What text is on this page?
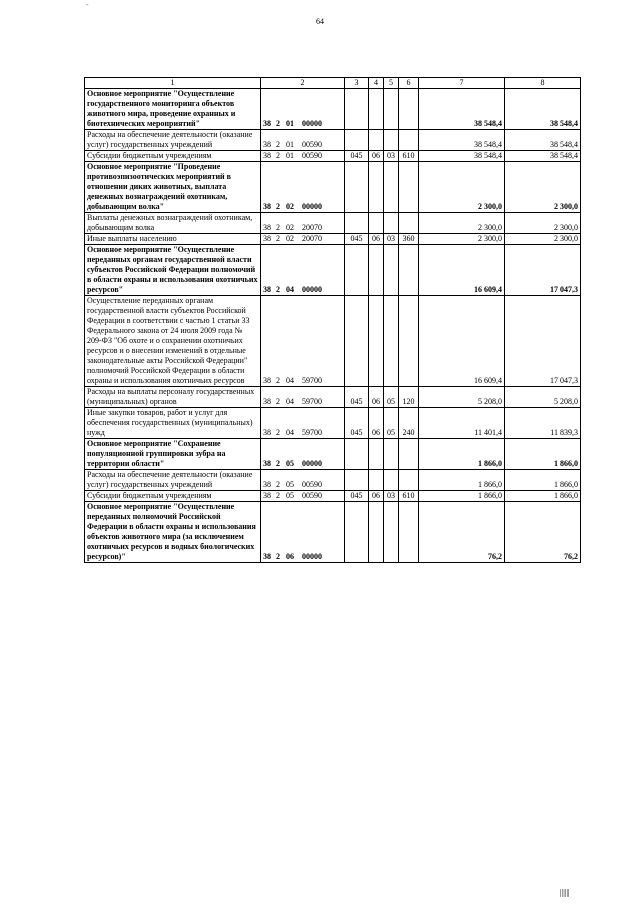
-
64
1	2	3	4	5	6	7	8
Основное мероприятие "Осуществление государственного мониторинга объектов животного мира, проведение охранных и биотехнических мероприятий"	38 2 01 00000					38 548,4	38 548,4
Расходы на обеспечение деятельности (оказание услуг) государственных учреждений	38 2 01 00590					38 548,4	38 548,4
Субсидии бюджетным учреждениям	38 2 01 00590	045	06	03	610	38 548,4	38 548,4
Основное мероприятие "Проведение противоэпизоотических мероприятий в отношении диких животных, выплата денежных вознаграждений охотникам, добывающим волка"	38 2 02 00000					2 300,0	2 300,0
Выплаты денежных вознаграждений охотникам, добывающим волка	38 2 02 20070					2 300,0	2 300,0
Иные выплаты населению	38 2 02 20070	045	06	03	360	2 300,0	2 300,0
Основное мероприятие "Осуществление переданных органам государственной власти субъектов Российской Федерации полномочий в области охраны и использования охотничьих ресурсов"	38 2 04 00000					16 609,4	17 047,3
Осуществление переданных органам государственной власти субъектов Российской Федерации в соответствии с частью 1 статьи 33 Федерального закона от 24 июля 2009 года № 209-ФЗ "Об охоте и о сохранении охотничьих ресурсов и о внесении изменений в отдельные законодательные акты Российской Федерации" полномочий Российской Федерации в области охраны и использования охотничьих ресурсов	38 2 04 59700					16 609,4	17 047,3
Расходы на выплаты персоналу государственных (муниципальных) органов	38 2 04 59700	045	06	05	120	5 208,0	5 208,0
Иные закупки товаров, работ и услуг для обеспечения государственных (муниципальных) нужд	38 2 04 59700	045	06	05	240	11 401,4	11 839,3
Основное мероприятие "Сохранение популяционной группировки зубра на территории области"	38 2 05 00000					1 866,0	1 866,0
Расходы на обеспечение деятельности (оказание услуг) государственных учреждений	38 2 05 00590					1 866,0	1 866,0
Субсидии бюджетным учреждениям	38 2 05 00590	045	06	03	610	1 866,0	1 866,0
Основное мероприятие "Осуществление переданных полномочий Российской Федерации в области охраны и использования объектов животного мира (за исключением охотничьих ресурсов и водных биологических ресурсов)"	38 2 06 00000					76,2	76,2
||||||
